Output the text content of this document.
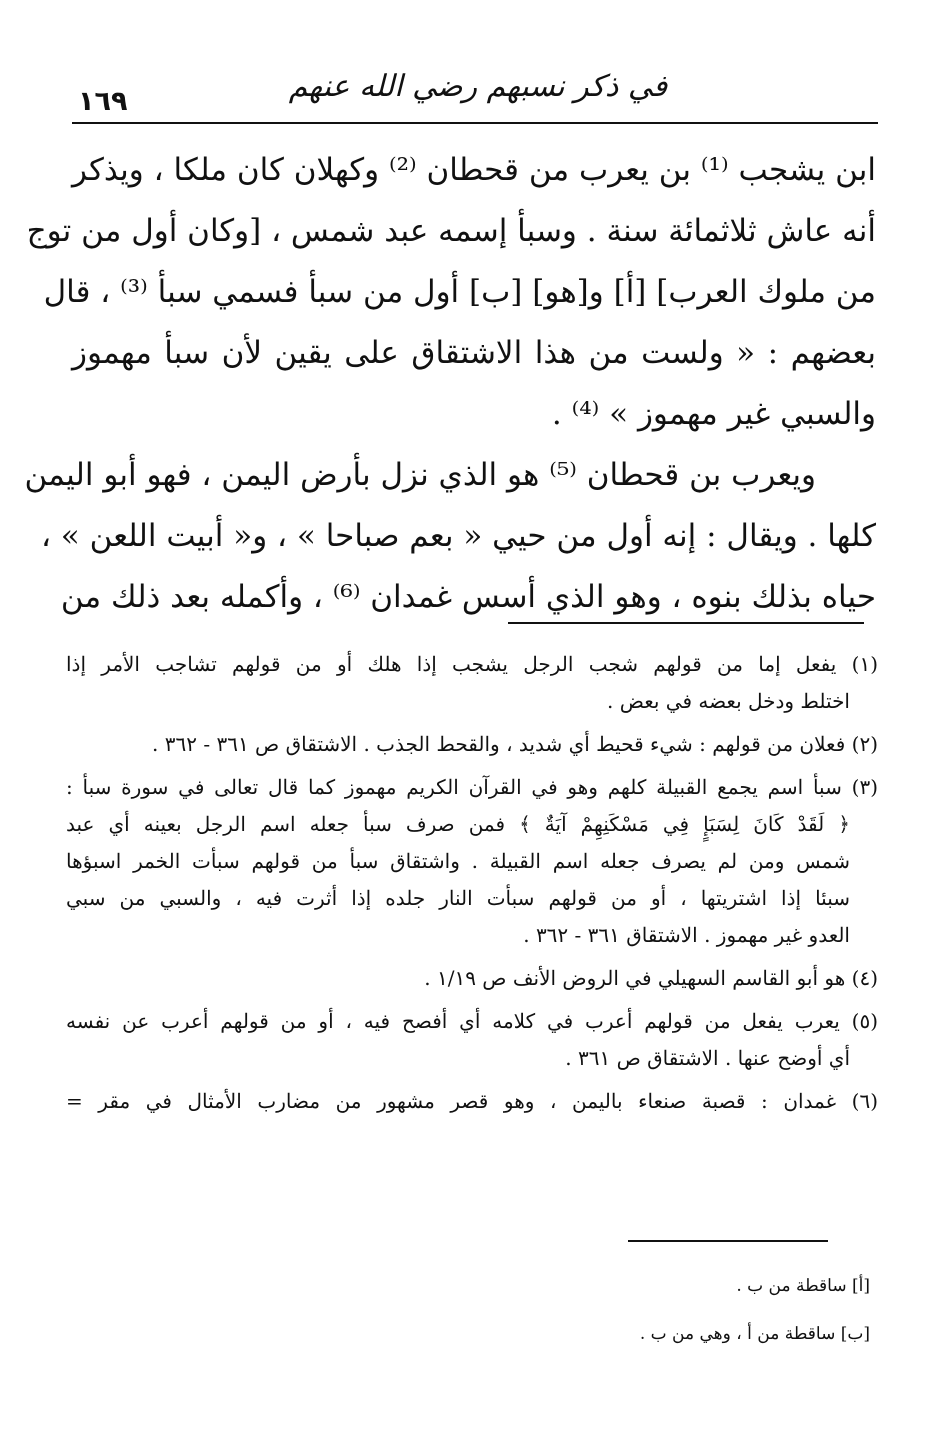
في ذكر نسبهم رضي الله عنهم
١٦٩
ابن يشجب ⁽¹⁾ بن يعرب من قحطان ⁽²⁾ وكهلان كان ملكا ، ويذكر
أنه عاش ثلاثمائة سنة . وسبأ إسمه عبد شمس ، [وكان أول من توج
من ملوك العرب] [أ] و[هو] [ب] أول من سبأ فسمي سبأ ⁽³⁾ ، قال
بعضهم : « ولست من هذا الاشتقاق على يقين لأن سبأ مهموز
والسبي غير مهموز » ⁽⁴⁾ .
ويعرب بن قحطان ⁽⁵⁾ هو الذي نزل بأرض اليمن ، فهو أبو اليمن
كلها . ويقال : إنه أول من حيي « بعم صباحا » ، و« أبيت اللعن » ،
حياه بذلك بنوه ، وهو الذي أسس غمدان ⁽⁶⁾ ، وأكمله بعد ذلك من
(١) يفعل إما من قولهم شجب الرجل يشجب إذا هلك أو من قولهم تشاجب الأمر إذا
اختلط ودخل بعضه في بعض .
(٢) فعلان من قولهم : شيء قحيط أي شديد ، والقحط الجذب . الاشتقاق ص ٣٦١ - ٣٦٢ .
(٣) سبأ اسم يجمع القبيلة كلهم وهو في القرآن الكريم مهموز كما قال تعالى في سورة سبأ :
﴿ لَقَدْ كَانَ لِسَبَإٍ فِي مَسْكَنِهِمْ آيَةٌ ﴾ فمن صرف سبأ جعله اسم الرجل بعينه أي عبد
شمس ومن لم يصرف جعله اسم القبيلة . واشتقاق سبأ من قولهم سبأت الخمر اسبؤها
سبئا إذا اشتريتها ، أو من قولهم سبأت النار جلده إذا أثرت فيه ، والسبي من سبي
العدو غير مهموز . الاشتقاق ٣٦١ - ٣٦٢ .
(٤) هو أبو القاسم السهيلي في الروض الأنف ص ١/١٩ .
(٥) يعرب يفعل من قولهم أعرب في كلامه أي أفصح فيه ، أو من قولهم أعرب عن نفسه
أي أوضح عنها . الاشتقاق ص ٣٦١ .
(٦) غمدان : قصبة صنعاء باليمن ، وهو قصر مشهور من مضارب الأمثال في مقر =
[أ] ساقطة من ب .
[ب] ساقطة من أ ، وهي من ب .
